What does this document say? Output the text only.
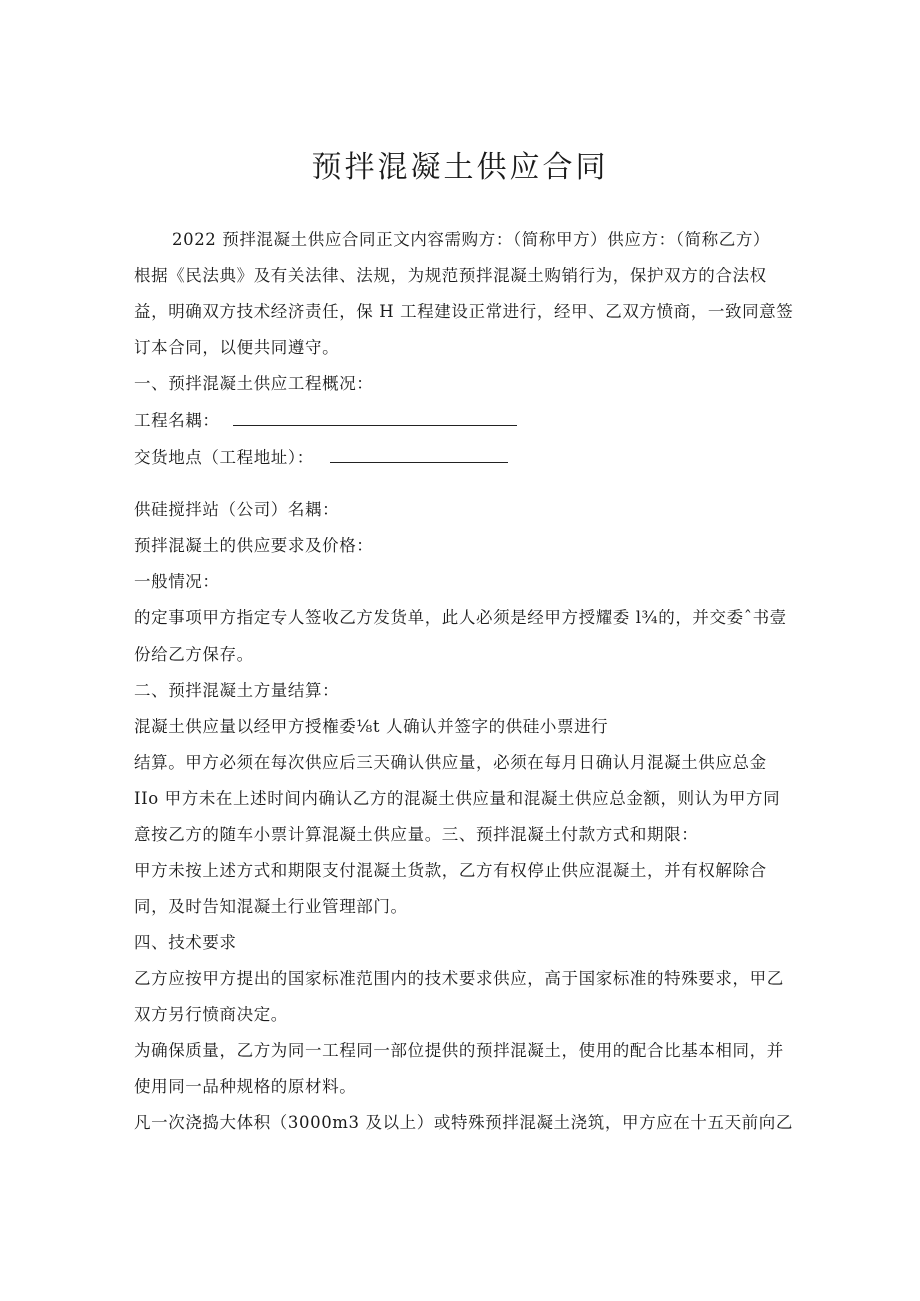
预拌混凝土供应合同
2022 预拌混凝土供应合同正文内容需购方：（简称甲方）供应方：（简称乙方）
根据《民法典》及有关法律、法规，为规范预拌混凝土购销行为，保护双方的合法权
益，明确双方技术经济责任，保 H 工程建设正常进行，经甲、乙双方愤商，一致同意签
订本合同，以便共同遵守。
一、预拌混凝土供应工程概况：
工程名耦：
交货地点（工程地址）：
供硅搅拌站（公司）名耦：
预拌混凝土的供应要求及价格：
一般情况：
的定事项甲方指定专人签收乙方发货单，此人必须是经甲方授耀委 l¾的，并交委ˆ书壹
份给乙方保存。
二、预拌混凝土方量结算：
混凝土供应量以经甲方授権委⅛t 人确认并签字的供硅小票进行
结算。甲方必须在每次供应后三天确认供应量，必须在每月日确认月混凝土供应总金
IIo 甲方未在上述时间内确认乙方的混凝土供应量和混凝土供应总金额，则认为甲方同
意按乙方的随车小票计算混凝土供应量。三、预拌混凝土付款方式和期限：
甲方未按上述方式和期限支付混凝土货款，乙方有权停止供应混凝土，并有权解除合
同，及时告知混凝土行业管理部门。
四、技术要求
乙方应按甲方提出的国家标准范围内的技术要求供应，高于国家标准的特殊要求，甲乙
双方另行愤商决定。
为确保质量，乙方为同一工程同一部位提供的预拌混凝土，使用的配合比基本相同，并
使用同一品种规格的原材料。
凡一次浇捣大体积（3000m3 及以上）或特殊预拌混凝土浇筑，甲方应在十五天前向乙
